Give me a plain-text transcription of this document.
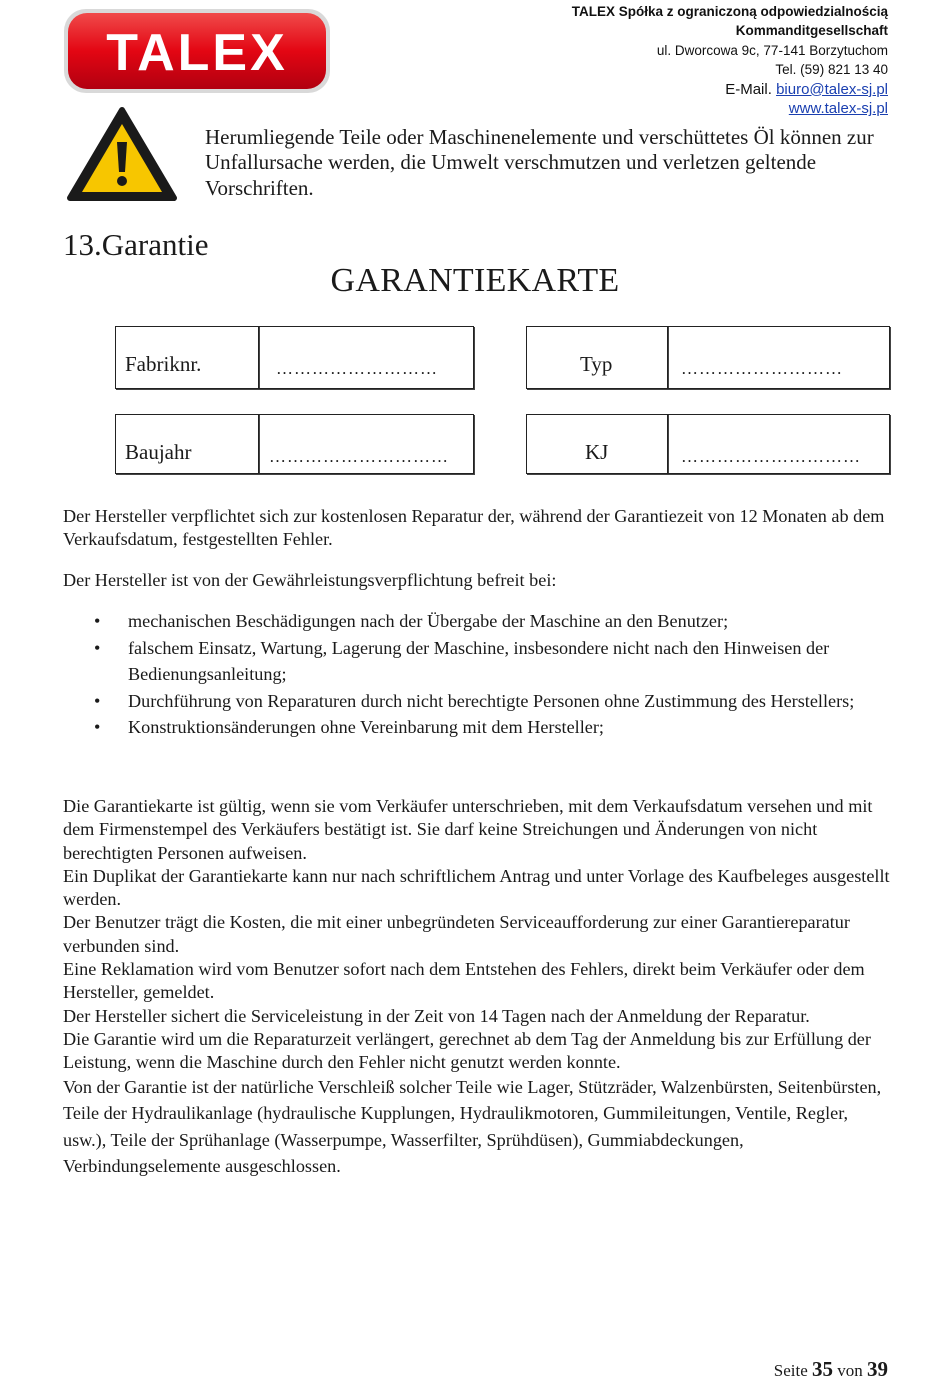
TALEX
TALEX Spółka z ograniczoną odpowiedzialnością
Kommanditgesellschaft
ul. Dworcowa 9c, 77-141 Borzytuchom
Tel. (59) 821 13 40
E-Mail. biuro@talex-sj.pl
www.talex-sj.pl
Herumliegende Teile oder Maschinenelemente und verschüttetes Öl können zur Unfallursache werden, die Umwelt verschmutzen und verletzen geltende Vorschriften.
13.Garantie
GARANTIEKARTE
Fabriknr.	………………………	Typ	………………………
Baujahr	…………………………	KJ	…………………………
Der Hersteller verpflichtet sich zur kostenlosen Reparatur der, während der Garantiezeit von 12 Monaten ab dem Verkaufsdatum, festgestellten Fehler.
Der Hersteller ist von der Gewährleistungsverpflichtung befreit bei:
• mechanischen Beschädigungen nach der Übergabe der Maschine an den Benutzer;
• falschem Einsatz, Wartung, Lagerung der Maschine, insbesondere nicht nach den Hinweisen der Bedienungsanleitung;
• Durchführung von Reparaturen durch nicht berechtigte Personen ohne Zustimmung des Herstellers;
• Konstruktionsänderungen ohne Vereinbarung mit dem Hersteller;
Die Garantiekarte ist gültig, wenn sie vom Verkäufer unterschrieben, mit dem Verkaufsdatum versehen und mit dem Firmenstempel des Verkäufers bestätigt ist. Sie darf keine Streichungen und Änderungen von nicht berechtigten Personen aufweisen.
Ein Duplikat der Garantiekarte kann nur nach schriftlichem Antrag und unter Vorlage des Kaufbeleges ausgestellt werden.
Der Benutzer trägt die Kosten, die mit einer unbegründeten Serviceaufforderung zur einer Garantiereparatur verbunden sind.
Eine Reklamation wird vom Benutzer sofort nach dem Entstehen des Fehlers, direkt beim Verkäufer oder dem Hersteller, gemeldet.
Der Hersteller sichert die Serviceleistung in der Zeit von 14 Tagen nach der Anmeldung der Reparatur.
Die Garantie wird um die Reparaturzeit verlängert, gerechnet ab dem Tag der Anmeldung bis zur Erfüllung der Leistung, wenn die Maschine durch den Fehler nicht genutzt werden konnte.
Von der Garantie ist der natürliche Verschleiß solcher Teile wie Lager, Stützräder, Walzenbürsten, Seitenbürsten, Teile der Hydraulikanlage (hydraulische Kupplungen, Hydraulikmotoren, Gummileitungen, Ventile, Regler, usw.), Teile der Sprühanlage (Wasserpumpe, Wasserfilter, Sprühdüsen), Gummiabdeckungen, Verbindungselemente ausgeschlossen.
Seite 35 von 39
